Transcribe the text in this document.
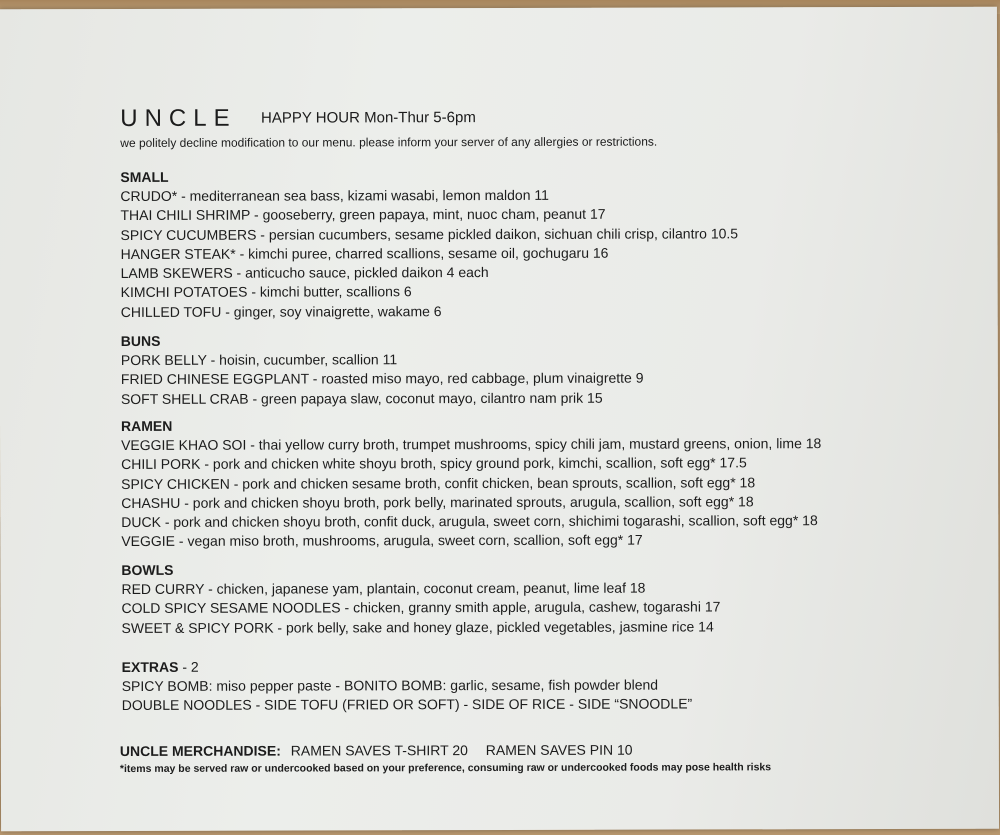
UNCLE HAPPY HOUR Mon-Thur 5-6pm
we politely decline modification to our menu. please inform your server of any allergies or restrictions.
SMALL
CRUDO* - mediterranean sea bass, kizami wasabi, lemon maldon 11
THAI CHILI SHRIMP - gooseberry, green papaya, mint, nuoc cham, peanut 17
SPICY CUCUMBERS - persian cucumbers, sesame pickled daikon, sichuan chili crisp, cilantro 10.5
HANGER STEAK* - kimchi puree, charred scallions, sesame oil, gochugaru 16
LAMB SKEWERS - anticucho sauce, pickled daikon 4 each
KIMCHI POTATOES - kimchi butter, scallions 6
CHILLED TOFU - ginger, soy vinaigrette, wakame 6
BUNS
PORK BELLY - hoisin, cucumber, scallion 11
FRIED CHINESE EGGPLANT - roasted miso mayo, red cabbage, plum vinaigrette 9
SOFT SHELL CRAB - green papaya slaw, coconut mayo, cilantro nam prik 15
RAMEN
VEGGIE KHAO SOI - thai yellow curry broth, trumpet mushrooms, spicy chili jam, mustard greens, onion, lime 18
CHILI PORK - pork and chicken white shoyu broth, spicy ground pork, kimchi, scallion, soft egg* 17.5
SPICY CHICKEN - pork and chicken sesame broth, confit chicken, bean sprouts, scallion, soft egg* 18
CHASHU - pork and chicken shoyu broth, pork belly, marinated sprouts, arugula, scallion, soft egg* 18
DUCK - pork and chicken shoyu broth, confit duck, arugula, sweet corn, shichimi togarashi, scallion, soft egg* 18
VEGGIE - vegan miso broth, mushrooms, arugula, sweet corn, scallion, soft egg* 17
BOWLS
RED CURRY - chicken, japanese yam, plantain, coconut cream, peanut, lime leaf 18
COLD SPICY SESAME NOODLES - chicken, granny smith apple, arugula, cashew, togarashi 17
SWEET & SPICY PORK - pork belly, sake and honey glaze, pickled vegetables, jasmine rice 14
EXTRAS - 2
SPICY BOMB: miso pepper paste - BONITO BOMB: garlic, sesame, fish powder blend
DOUBLE NOODLES - SIDE TOFU (FRIED OR SOFT) - SIDE OF RICE - SIDE “SNOODLE”
UNCLE MERCHANDISE: RAMEN SAVES T-SHIRT 20 RAMEN SAVES PIN 10
*items may be served raw or undercooked based on your preference, consuming raw or undercooked foods may pose health risks
